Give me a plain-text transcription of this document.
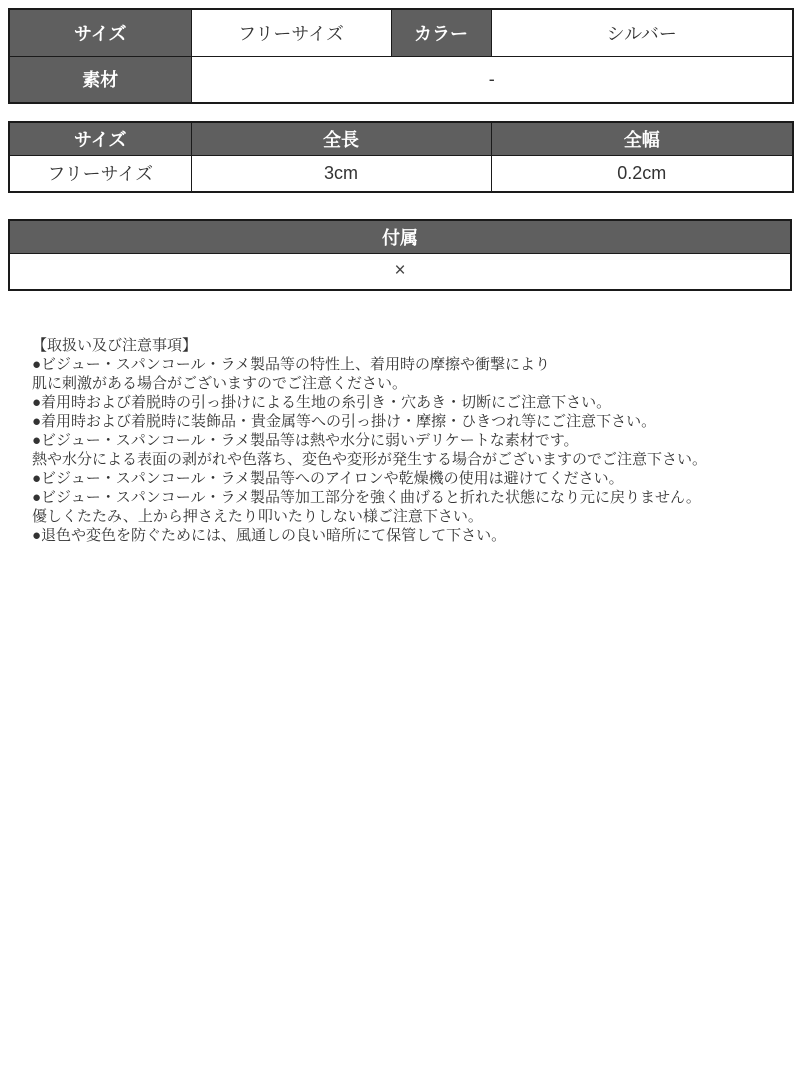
サイズ	フリーサイズ	カラー	シルバー
素材	-		
サイズ	全長	全幅
フリーサイズ	3cm	0.2cm
付属
×
【取扱い及び注意事項】
●ビジュー・スパンコール・ラメ製品等の特性上、着用時の摩擦や衝撃により
肌に刺激がある場合がございますのでご注意ください。
●着用時および着脱時の引っ掛けによる生地の糸引き・穴あき・切断にご注意下さい。
●着用時および着脱時に装飾品・貴金属等への引っ掛け・摩擦・ひきつれ等にご注意下さい。
●ビジュー・スパンコール・ラメ製品等は熱や水分に弱いデリケートな素材です。
熱や水分による表面の剥がれや色落ち、変色や変形が発生する場合がございますのでご注意下さい。
●ビジュー・スパンコール・ラメ製品等へのアイロンや乾燥機の使用は避けてください。
●ビジュー・スパンコール・ラメ製品等加工部分を強く曲げると折れた状態になり元に戻りません。
優しくたたみ、上から押さえたり叩いたりしない様ご注意下さい。
●退色や変色を防ぐためには、風通しの良い暗所にて保管して下さい。
